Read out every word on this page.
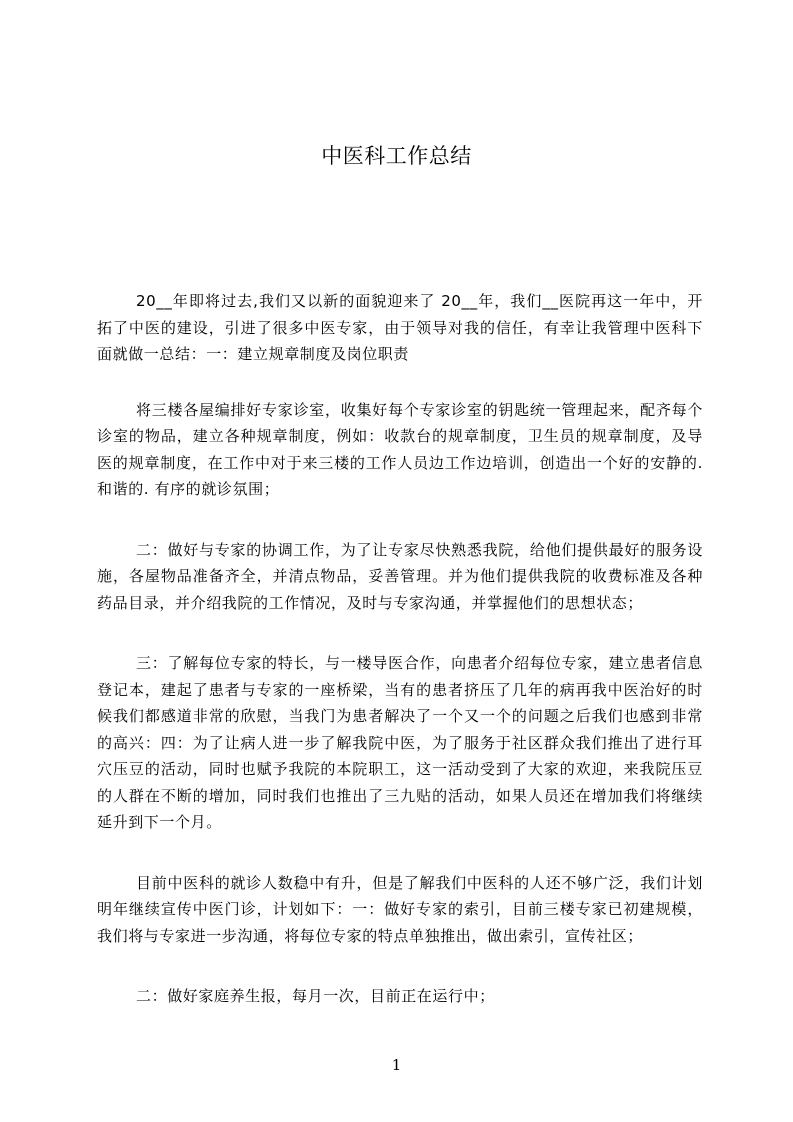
中医科工作总结

20__年即将过去,我们又以新的面貌迎来了 20__年，我们__医院再这一年中，开拓了中医的建设，引进了很多中医专家，由于领导对我的信任，有幸让我管理中医科下面就做一总结：一：建立规章制度及岗位职责

将三楼各屋编排好专家诊室，收集好每个专家诊室的钥匙统一管理起来，配齐每个诊室的物品，建立各种规章制度，例如：收款台的规章制度，卫生员的规章制度，及导医的规章制度，在工作中对于来三楼的工作人员边工作边培训，创造出一个好的安静的. 和谐的. 有序的就诊氛围；

二：做好与专家的协调工作，为了让专家尽快熟悉我院，给他们提供最好的服务设施，各屋物品准备齐全，并清点物品，妥善管理。并为他们提供我院的收费标准及各种药品目录，并介绍我院的工作情况，及时与专家沟通，并掌握他们的思想状态；

三：了解每位专家的特长，与一楼导医合作，向患者介绍每位专家，建立患者信息登记本，建起了患者与专家的一座桥梁，当有的患者挤压了几年的病再我中医治好的时候我们都感道非常的欣慰，当我门为患者解决了一个又一个的问题之后我们也感到非常的高兴：四：为了让病人进一步了解我院中医，为了服务于社区群众我们推出了进行耳穴压豆的活动，同时也赋予我院的本院职工，这一活动受到了大家的欢迎，来我院压豆的人群在不断的增加，同时我们也推出了三九贴的活动，如果人员还在增加我们将继续延升到下一个月。

目前中医科的就诊人数稳中有升，但是了解我们中医科的人还不够广泛，我们计划明年继续宣传中医门诊，计划如下：一：做好专家的索引，目前三楼专家已初建规模，我们将与专家进一步沟通，将每位专家的特点单独推出，做出索引，宣传社区；

二：做好家庭养生报，每月一次，目前正在运行中；

1
